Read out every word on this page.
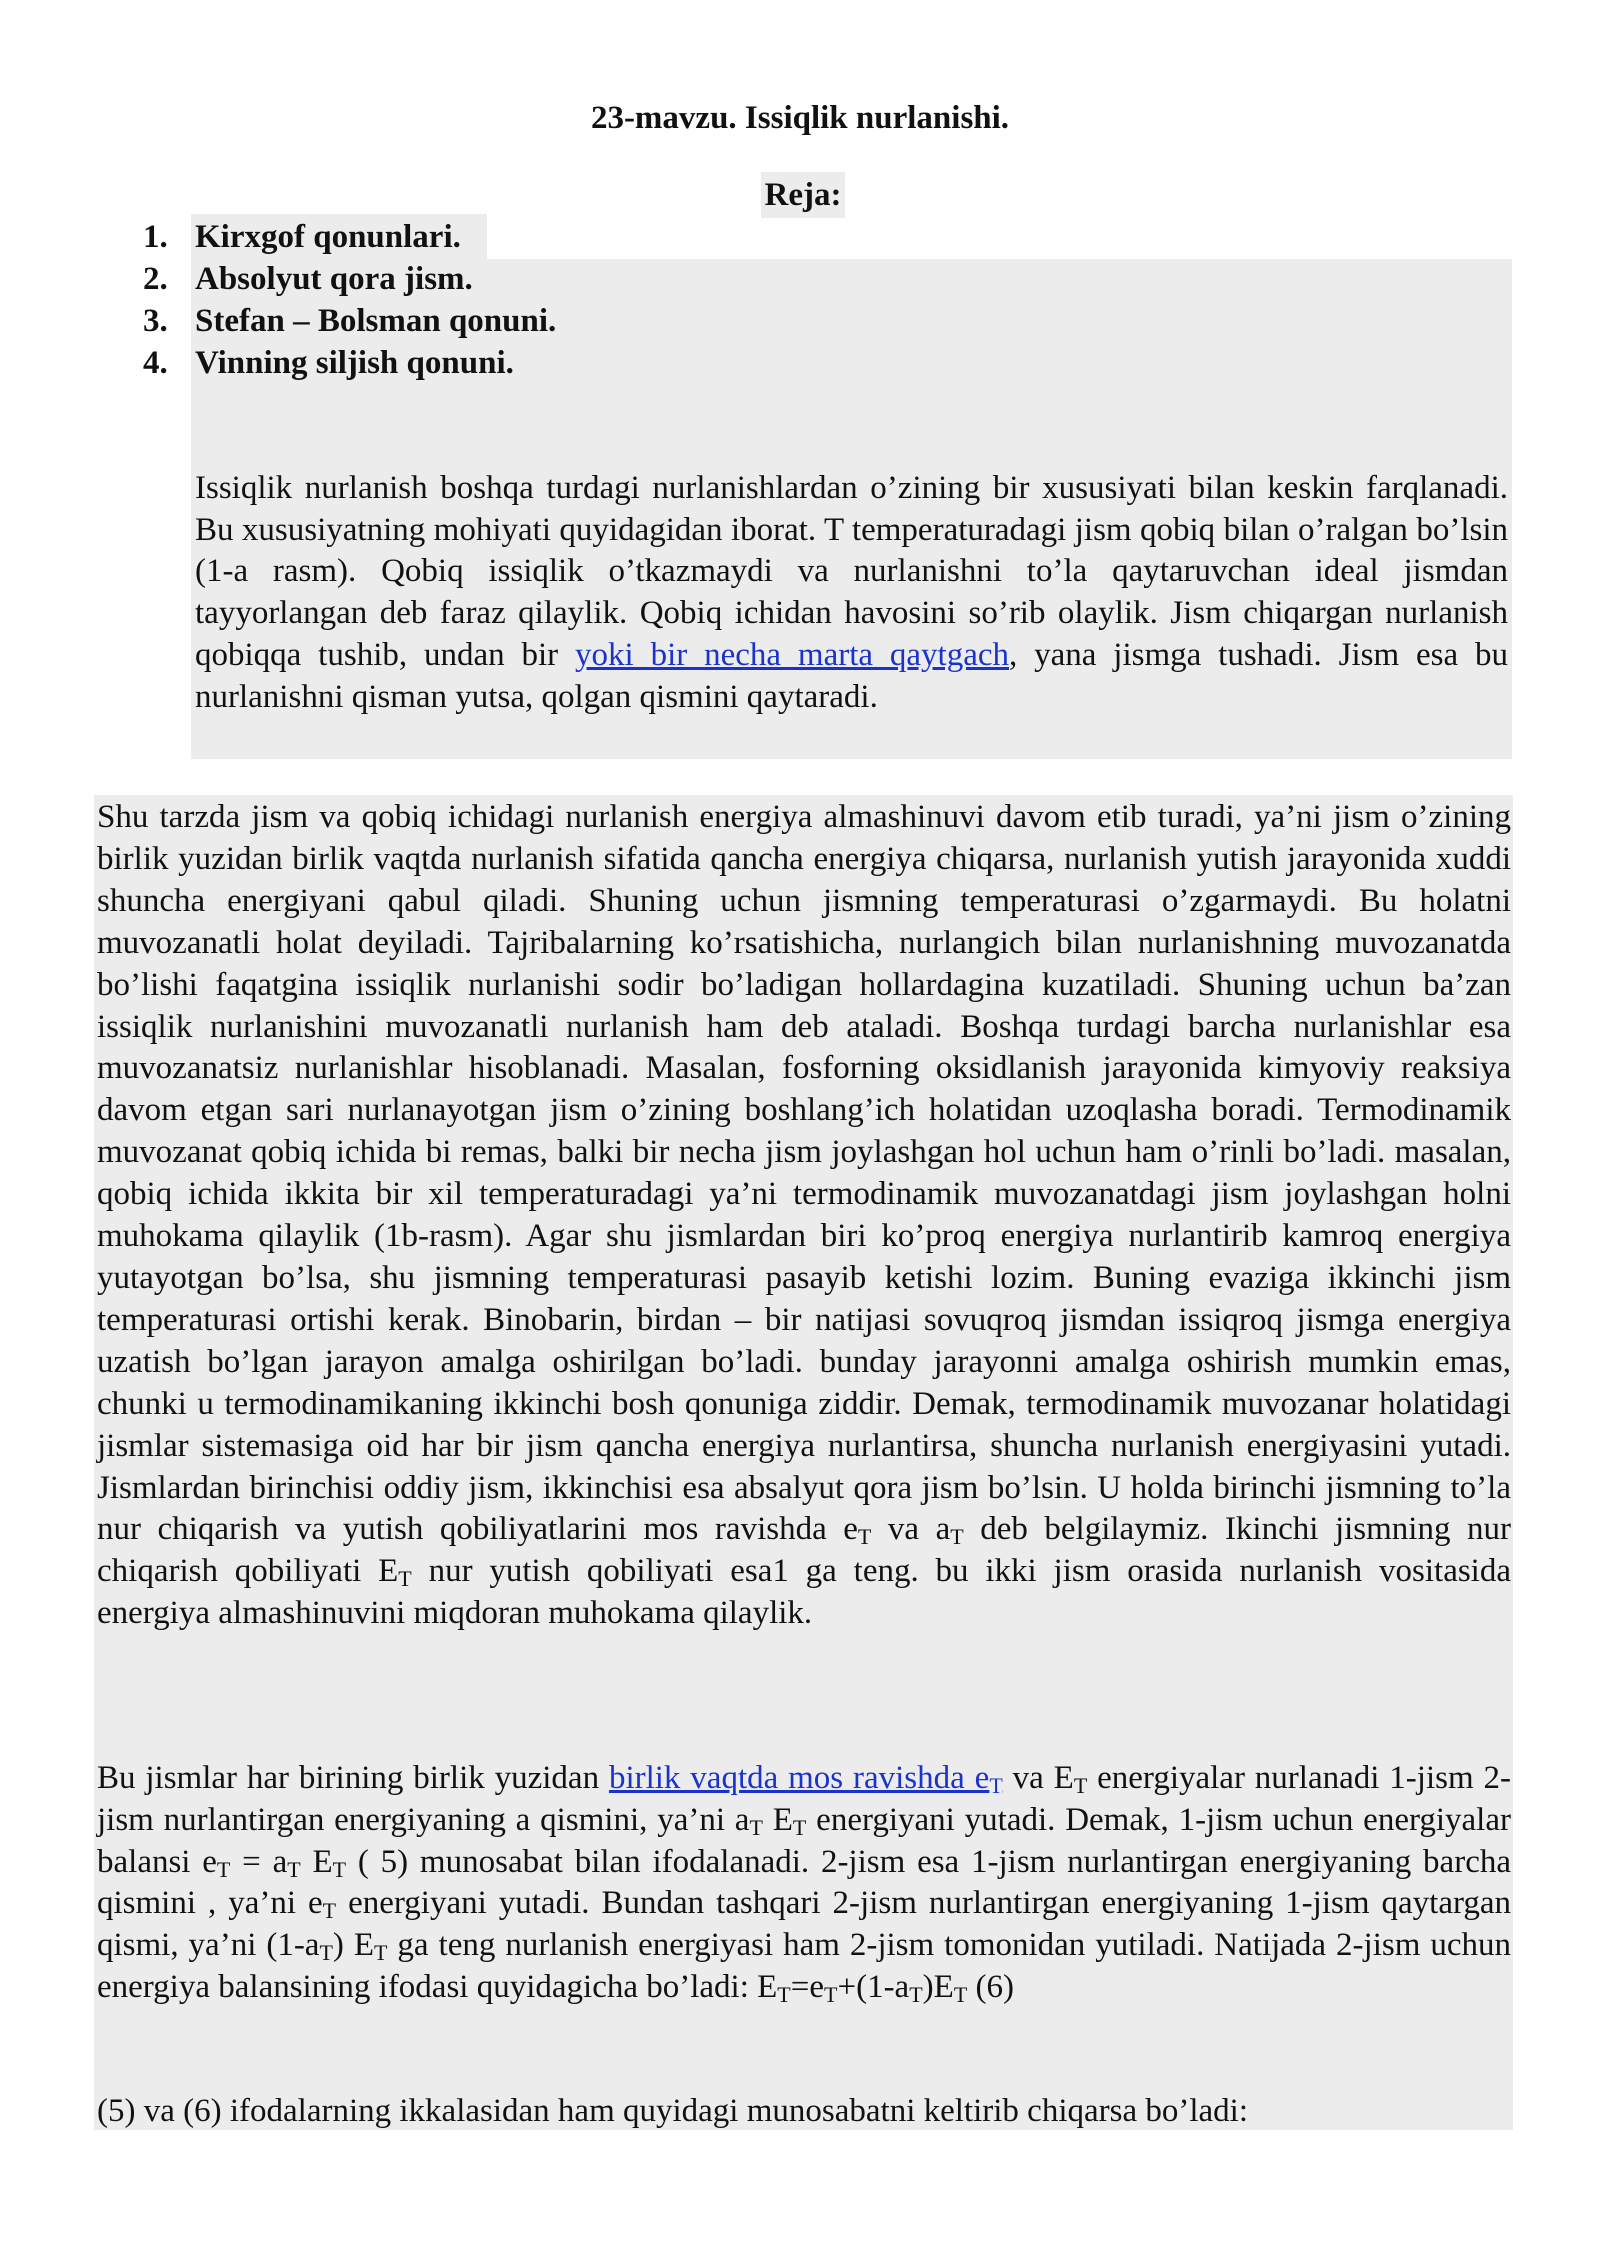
23-mavzu. Issiqlik nurlanishi.
Reja:
1. Kirxgof qonunlari.
2. Absolyut qora jism.
3. Stefan – Bolsman qonuni.
4. Vinning siljish qonuni.

Issiqlik nurlanish boshqa turdagi nurlanishlardan o’zining bir xususiyati bilan keskin farqlanadi. Bu xususiyatning mohiyati quyidagidan iborat. T temperaturadagi jism qobiq bilan o’ralgan bo’lsin (1-a rasm). Qobiq issiqlik o’tkazmaydi va nurlanishni to’la qaytaruvchan ideal jismdan tayyorlangan deb faraz qilaylik. Qobiq ichidan havosini so’rib olaylik. Jism chiqargan nurlanish qobiqqa tushib, undan bir yoki bir necha marta qaytgach, yana jismga tushadi. Jism esa bu nurlanishni qisman yutsa, qolgan qismini qaytaradi.

Shu tarzda jism va qobiq ichidagi nurlanish energiya almashinuvi davom etib turadi, ya’ni jism o’zining birlik yuzidan birlik vaqtda nurlanish sifatida qancha energiya chiqarsa, nurlanish yutish jarayonida xuddi shuncha energiyani qabul qiladi. Shuning uchun jismning temperaturasi o’zgarmaydi. Bu holatni muvozanatli holat deyiladi. Tajribalarning ko’rsatishicha, nurlangich bilan nurlanishning muvozanatda bo’lishi faqatgina issiqlik nurlanishi sodir bo’ladigan hollardagina kuzatiladi. Shuning uchun ba’zan issiqlik nurlanishini muvozanatli nurlanish ham deb ataladi. Boshqa turdagi barcha nurlanishlar esa muvozanatsiz nurlanishlar hisoblanadi. Masalan, fosforning oksidlanish jarayonida kimyoviy reaksiya davom etgan sari nurlanayotgan jism o’zining boshlang’ich holatidan uzoqlasha boradi. Termodinamik muvozanat qobiq ichida bi remas, balki bir necha jism joylashgan hol uchun ham o’rinli bo’ladi. masalan, qobiq ichida ikkita bir xil temperaturadagi ya’ni termodinamik muvozanatdagi jism joylashgan holni muhokama qilaylik (1b-rasm). Agar shu jismlardan biri ko’proq energiya nurlantirib kamroq energiya yutayotgan bo’lsa, shu jismning temperaturasi pasayib ketishi lozim. Buning evaziga ikkinchi jism temperaturasi ortishi kerak. Binobarin, birdan – bir natijasi sovuqroq jismdan issiqroq jismga energiya uzatish bo’lgan jarayon amalga oshirilgan bo’ladi. bunday jarayonni amalga oshirish mumkin emas, chunki u termodinamikaning ikkinchi bosh qonuniga ziddir. Demak, termodinamik muvozanar holatidagi jismlar sistemasiga oid har bir jism qancha energiya nurlantirsa, shuncha nurlanish energiyasini yutadi. Jismlardan birinchisi oddiy jism, ikkinchisi esa absalyut qora jism bo’lsin. U holda birinchi jismning to’la nur chiqarish va yutish qobiliyatlarini mos ravishda $e_T$ va $a_T$ deb belgilaymiz. Ikinchi jismning nur chiqarish qobiliyati $E_T$ nur yutish qobiliyati esa1 ga teng. bu ikki jism orasida nurlanish vositasida energiya almashinuvini miqdoran muhokama qilaylik.

Bu jismlar har birining birlik yuzidan birlik vaqtda mos ravishda $e_T$ va $E_T$ energiyalar nurlanadi 1-jism 2-jism nurlantirgan energiyaning a qismini, ya’ni $a_T$ $E_T$ energiyani yutadi. Demak, 1-jism uchun energiyalar balansi $e_T = a_T$ $E_T$ ( 5) munosabat bilan ifodalanadi. 2-jism esa 1-jism nurlantirgan energiyaning barcha qismini , ya’ni $e_T$ energiyani yutadi. Bundan tashqari 2-jism nurlantirgan energiyaning 1-jism qaytargan qismi, ya’ni $(1-a_T)$ $E_T$ ga teng nurlanish energiyasi ham 2-jism tomonidan yutiladi. Natijada 2-jism uchun energiya balansining ifodasi quyidagicha bo’ladi: $E_T=e_T+(1-a_T)E_T$ (6)

(5) va (6) ifodalarning ikkalasidan ham quyidagi munosabatni keltirib chiqarsa bo’ladi:
